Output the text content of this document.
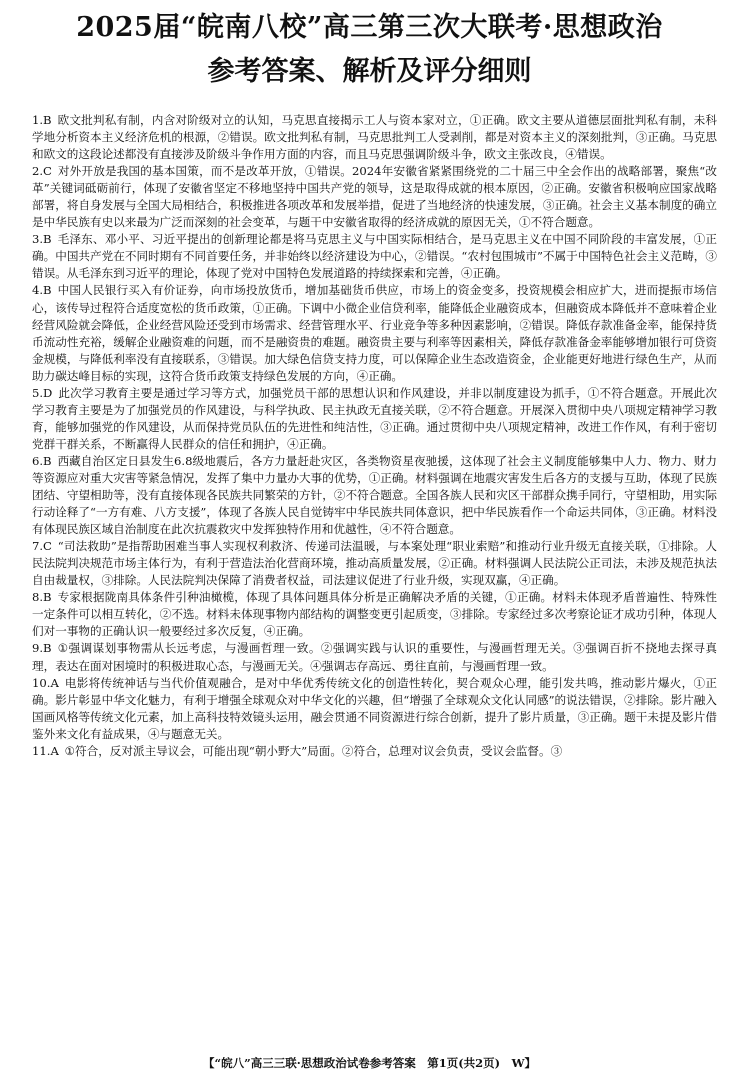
2025届“皖南八校”高三第三次大联考·思想政治
参考答案、解析及评分细则
1.B  欧文批判私有制，内含对阶级对立的认知，马克思直接揭示工人与资本家对立，①正确。欧文主要从道德层面批判私有制，未科学地分析资本主义经济危机的根源，②错误。欧文批判私有制，马克思批判工人受剥削，都是对资本主义的深刻批判，③正确。马克思和欧文的这段论述都没有直接涉及阶级斗争作用方面的内容，而且马克思强调阶级斗争，欧文主张改良，④错误。
2.C  对外开放是我国的基本国策，而不是改革开放，①错误。2024年安徽省紧紧围绕党的二十届三中全会作出的战略部署，聚焦“改革”关键词砥砺前行，体现了安徽省坚定不移地坚持中国共产党的领导，这是取得成就的根本原因，②正确。安徽省积极响应国家战略部署，将自身发展与全国大局相结合，积极推进各项改革和发展举措，促进了当地经济的快速发展，③正确。社会主义基本制度的确立是中华民族有史以来最为广泛而深刻的社会变革，与题干中安徽省取得的经济成就的原因无关，①不符合题意。
3.B  毛泽东、邓小平、习近平提出的创新理论都是将马克思主义与中国实际相结合，是马克思主义在中国不同阶段的丰富发展，①正确。中国共产党在不同时期有不同首要任务，并非始终以经济建设为中心，②错误。“农村包围城市”不属于中国特色社会主义范畴，③错误。从毛泽东到习近平的理论，体现了党对中国特色发展道路的持续探索和完善，④正确。
4.B  中国人民银行买入有价证券，向市场投放货币，增加基础货币供应，市场上的资金变多，投资规模会相应扩大，进而提振市场信心，该传导过程符合适度宽松的货币政策，①正确。下调中小微企业信贷利率，能降低企业融资成本，但融资成本降低并不意味着企业经营风险就会降低，企业经营风险还受到市场需求、经营管理水平、行业竞争等多种因素影响，②错误。降低存款准备金率，能保持货币流动性充裕，缓解企业融资难的问题，而不是融资贵的难题。融资贵主要与利率等因素相关，降低存款准备金率能够增加银行可贷资金规模，与降低利率没有直接联系，③错误。加大绿色信贷支持力度，可以保障企业生态改造资金，企业能更好地进行绿色生产，从而助力碳达峰目标的实现，这符合货币政策支持绿色发展的方向，④正确。
5.D  此次学习教育主要是通过学习等方式，加强党员干部的思想认识和作风建设，并非以制度建设为抓手，①不符合题意。开展此次学习教育主要是为了加强党员的作风建设，与科学执政、民主执政无直接关联，②不符合题意。开展深入贯彻中央八项规定精神学习教育，能够加强党的作风建设，从而保持党员队伍的先进性和纯洁性，③正确。通过贯彻中央八项规定精神，改进工作作风，有利于密切党群干群关系，不断赢得人民群众的信任和拥护，④正确。
6.B  西藏自治区定日县发生6.8级地震后，各方力量赶赴灾区，各类物资星夜驰援，这体现了社会主义制度能够集中人力、物力、财力等资源应对重大灾害等紧急情况，发挥了集中力量办大事的优势，①正确。材料强调在地震灾害发生后各方的支援与互助，体现了民族团结、守望相助等，没有直接体现各民族共同繁荣的方针，②不符合题意。全国各族人民和灾区干部群众携手同行，守望相助，用实际行动诠释了“一方有难、八方支援”，体现了各族人民自觉铸牢中华民族共同体意识，把中华民族看作一个命运共同体，③正确。材料没有体现民族区域自治制度在此次抗震救灾中发挥独特作用和优越性，④不符合题意。
7.C  “司法救助”是指帮助困难当事人实现权利救济、传递司法温暖，与本案处理“职业索赔”和推动行业升级无直接关联，①排除。人民法院判决规范市场主体行为，有利于营造法治化营商环境，推动高质量发展，②正确。材料强调人民法院公正司法，未涉及规范执法自由裁量权，③排除。人民法院判决保障了消费者权益，司法建议促进了行业升级，实现双赢，④正确。
8.B  专家根据陇南具体条件引种油橄榄，体现了具体问题具体分析是正确解决矛盾的关键，①正确。材料未体现矛盾普遍性、特殊性一定条件可以相互转化，②不选。材料未体现事物内部结构的调整变更引起质变，③排除。专家经过多次考察论证才成功引种，体现人们对一事物的正确认识一般要经过多次反复，④正确。
9.B  ①强调谋划事物需从长远考虑，与漫画哲理一致。②强调实践与认识的重要性，与漫画哲理无关。③强调百折不挠地去探寻真理，表达在面对困境时的积极进取心态，与漫画无关。④强调志存高远、勇往直前，与漫画哲理一致。
10.A  电影将传统神话与当代价值观融合，是对中华优秀传统文化的创造性转化，契合观众心理，能引发共鸣，推动影片爆火，①正确。影片彰显中华文化魅力，有利于增强全球观众对中华文化的兴趣，但“增强了全球观众文化认同感”的说法错误，②排除。影片融入国画风格等传统文化元素，加上高科技特效镜头运用，融会贯通不同资源进行综合创新，提升了影片质量，③正确。题干未提及影片借鉴外来文化有益成果，④与题意无关。
11.A  ①符合，反对派主导议会，可能出现“朝小野大”局面。②符合，总理对议会负责，受议会监督。③
【“皖八”高三三联·思想政治试卷参考答案　第1页(共2页)　W】
